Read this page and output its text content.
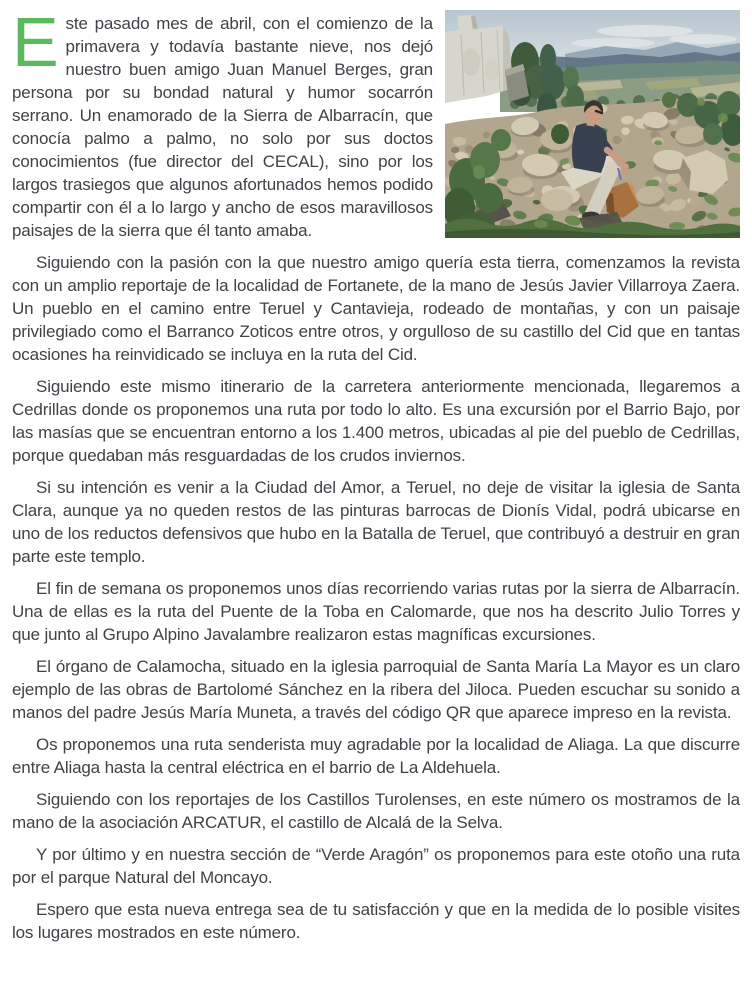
Este pasado mes de abril, con el comienzo de la primavera y todavía bastante nieve, nos dejó nuestro buen amigo Juan Manuel Berges, gran persona por su bondad natural y humor socarrón serrano. Un enamorado de la Sierra de Albarracín, que conocía palmo a palmo, no solo por sus doctos conocimientos (fue director del CECAL), sino por los largos trasiegos que algunos afortunados hemos podido compartir con él a lo largo y ancho de esos maravillosos paisajes de la sierra que él tanto amaba.

Siguiendo con la pasión con la que nuestro amigo quería esta tierra, comenzamos la revista con un amplio reportaje de la localidad de Fortanete, de la mano de Jesús Javier Villarroya Zaera. Un pueblo en el camino entre Teruel y Cantavieja, rodeado de montañas, y con un paisaje privilegiado como el Barranco Zoticos entre otros, y orgulloso de su castillo del Cid que en tantas ocasiones ha reinvidicado se incluya en la ruta del Cid.

Siguiendo este mismo itinerario de la carretera anteriormente mencionada, llegaremos a Cedrillas donde os proponemos una ruta por todo lo alto. Es una excursión por el Barrio Bajo, por las masías que se encuentran entorno a los 1.400 metros, ubicadas al pie del pueblo de Cedrillas, porque quedaban más resguardadas de los crudos inviernos.

Si su intención es venir a la Ciudad del Amor, a Teruel, no deje de visitar la iglesia de Santa Clara, aunque ya no queden restos de las pinturas barrocas de Dionís Vidal, podrá ubicarse en uno de los reductos defensivos que hubo en la Batalla de Teruel, que contribuyó a destruir en gran parte este templo.

El fin de semana os proponemos unos días recorriendo varias rutas por la sierra de Albarracín. Una de ellas es la ruta del Puente de la Toba en Calomarde, que nos ha descrito Julio Torres y que junto al Grupo Alpino Javalambre realizaron estas magníficas excursiones.

El órgano de Calamocha, situado en la iglesia parroquial de Santa María La Mayor es un claro ejemplo de las obras de Bartolomé Sánchez en la ribera del Jiloca. Pueden escuchar su sonido a manos del padre Jesús María Muneta, a través del código QR que aparece impreso en la revista.

Os proponemos una ruta senderista muy agradable por la localidad de Aliaga. La que discurre entre Aliaga hasta la central eléctrica en el barrio de La Aldehuela.

Siguiendo con los reportajes de los Castillos Turolenses, en este número os mostramos de la mano de la asociación ARCATUR, el castillo de Alcalá de la Selva.

Y por último y en nuestra sección de “Verde Aragón” os proponemos para este otoño una ruta por el parque Natural del Moncayo.

Espero que esta nueva entrega sea de tu satisfacción y que en la medida de lo posible visites los lugares mostrados en este número.
